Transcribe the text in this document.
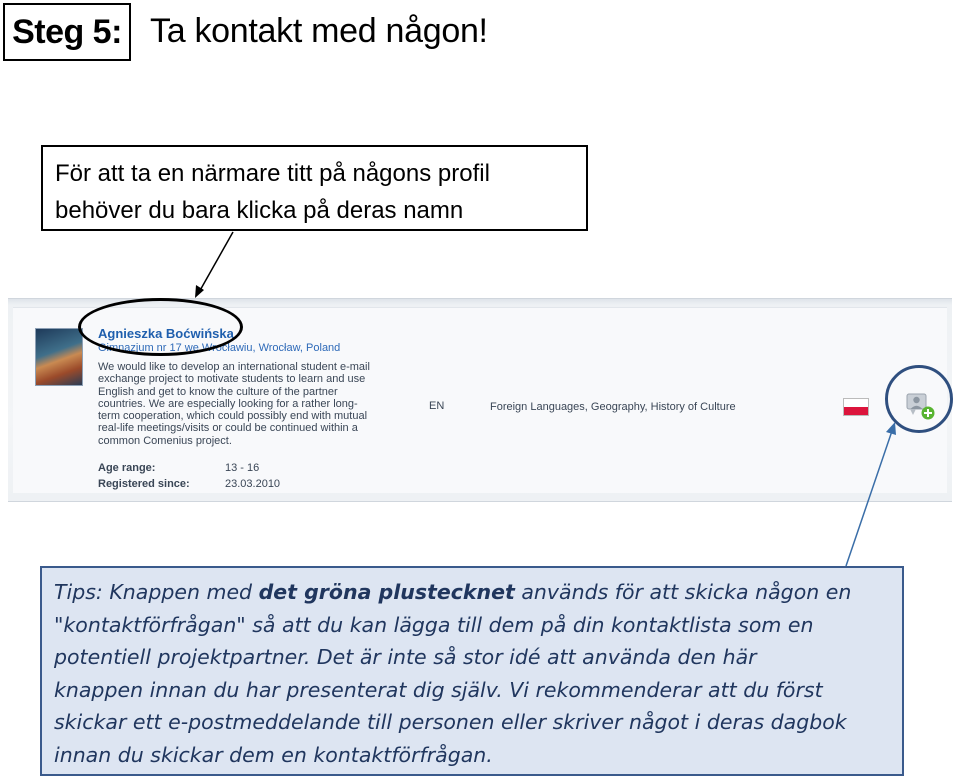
Steg 5: Ta kontakt med någon!
För att ta en närmare titt på någons profil
behöver du bara klicka på deras namn
Agnieszka Boćwińska
Gimnazjum nr 17 we Wrocławiu, Wrocław, Poland
We would like to develop an international student e-mail
exchange project to motivate students to learn and use
English and get to know the culture of the partner
countries. We are especially looking for a rather long-
term cooperation, which could possibly end with mutual
real-life meetings/visits or could be continued within a
common Comenius project.
Age range:
Registered since:
13 - 16
23.03.2010
EN	Foreign Languages, Geography, History of Culture
Tips: Knappen med det gröna plustecknet används för att skicka någon en
"kontaktförfrågan" så att du kan lägga till dem på din kontaktlista som en
potentiell projektpartner. Det är inte så stor idé att använda den här
knappen innan du har presenterat dig själv. Vi rekommenderar att du först
skickar ett e-postmeddelande till personen eller skriver något i deras dagbok
innan du skickar dem en kontaktförfrågan.
